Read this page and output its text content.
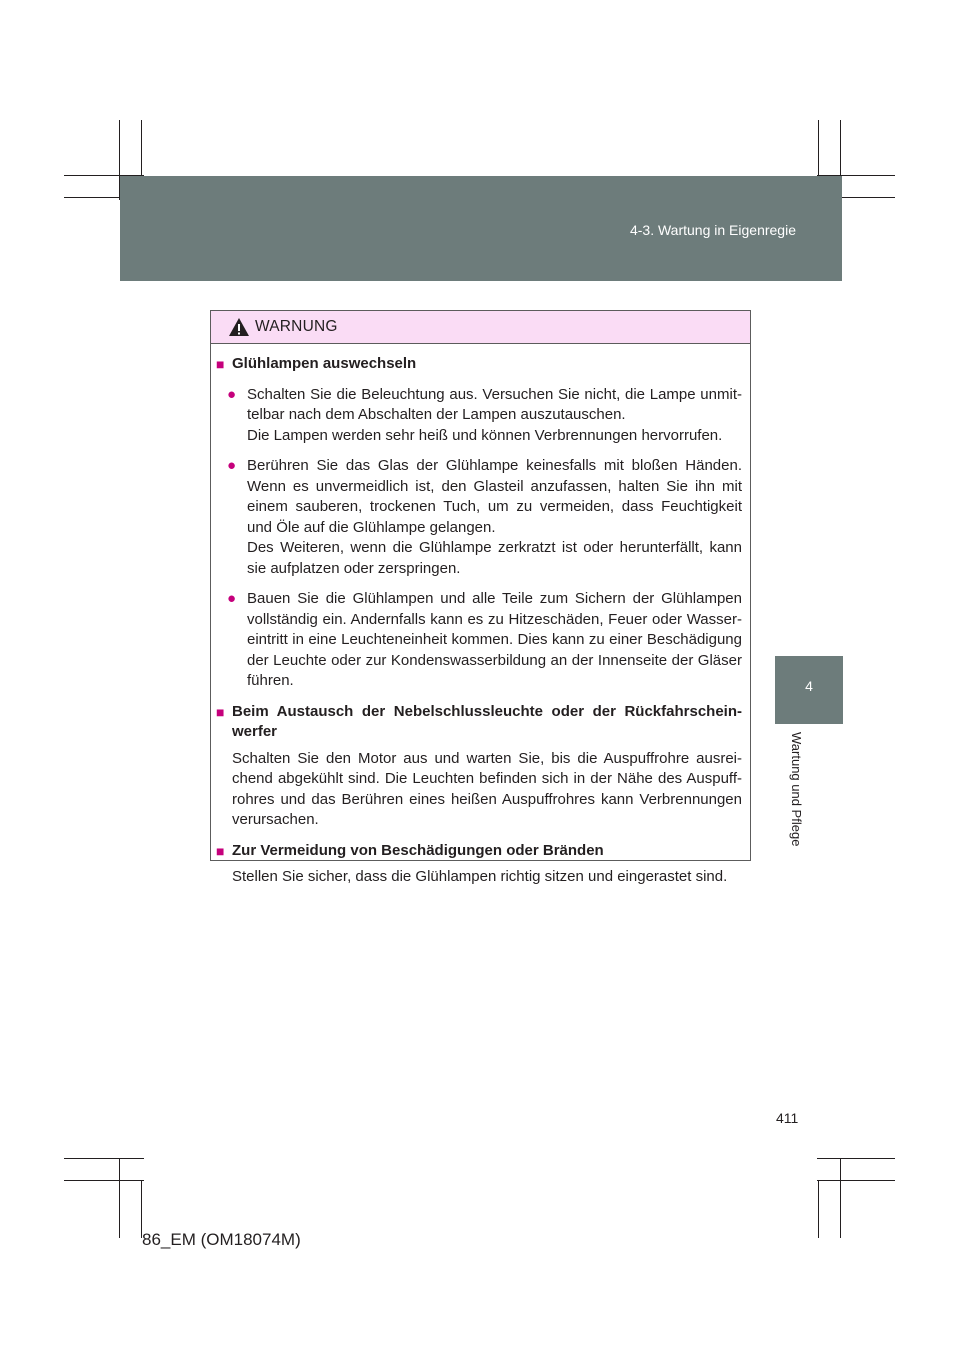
4-3. Wartung in Eigenregie
4
Wartung und Pflege
WARNUNG
■ Glühlampen auswechseln
● Schalten Sie die Beleuchtung aus. Versuchen Sie nicht, die Lampe unmit-telbar nach dem Abschalten der Lampen auszutauschen.
Die Lampen werden sehr heiß und können Verbrennungen hervorrufen.
● Berühren Sie das Glas der Glühlampe keinesfalls mit bloßen Händen. Wenn es unvermeidlich ist, den Glasteil anzufassen, halten Sie ihn mit einem sauberen, trockenen Tuch, um zu vermeiden, dass Feuchtigkeit und Öle auf die Glühlampe gelangen.
Des Weiteren, wenn die Glühlampe zerkratzt ist oder herunterfällt, kann sie aufplatzen oder zerspringen.
● Bauen Sie die Glühlampen und alle Teile zum Sichern der Glühlampen vollständig ein. Andernfalls kann es zu Hitzeschäden, Feuer oder Wasser-eintritt in eine Leuchteneinheit kommen. Dies kann zu einer Beschädigung der Leuchte oder zur Kondenswasserbildung an der Innenseite der Gläser führen.
■ Beim Austausch der Nebelschlussleuchte oder der Rückfahrschein-werfer
Schalten Sie den Motor aus und warten Sie, bis die Auspuffrohre ausrei-chend abgekühlt sind. Die Leuchten befinden sich in der Nähe des Auspuff-rohres und das Berühren eines heißen Auspuffrohres kann Verbrennungen verursachen.
■ Zur Vermeidung von Beschädigungen oder Bränden
Stellen Sie sicher, dass die Glühlampen richtig sitzen und eingerastet sind.
411
86_EM (OM18074M)
